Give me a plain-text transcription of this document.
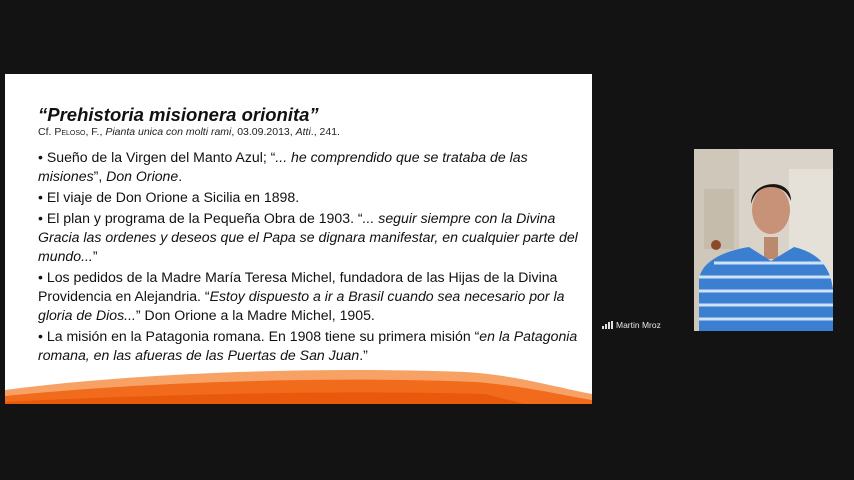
“Prehistoria misionera orionita”
Cf. Peloso, F., Pianta unica con molti rami, 03.09.2013, Atti., 241.
• Sueño de la Virgen del Manto Azul; “... he comprendido que se trataba de las misiones”, Don Orione.
• El viaje de Don Orione a Sicilia en 1898.
• El plan y programa de la Pequeña Obra de 1903. “... seguir siempre con la Divina Gracia las ordenes y deseos que el Papa se dignara manifestar, en cualquier parte del mundo...”
• Los pedidos de la Madre María Teresa Michel, fundadora de las Hijas de la Divina Providencia en Alejandria. “Estoy dispuesto a ir a Brasil cuando sea necesario por la gloria de Dios...” Don Orione a la Madre Michel, 1905.
• La misión en la Patagonia romana. En 1908 tiene su primera misión “en la Patagonia romana, en las afueras de las Puertas de San Juan.”
Martin Mroz
